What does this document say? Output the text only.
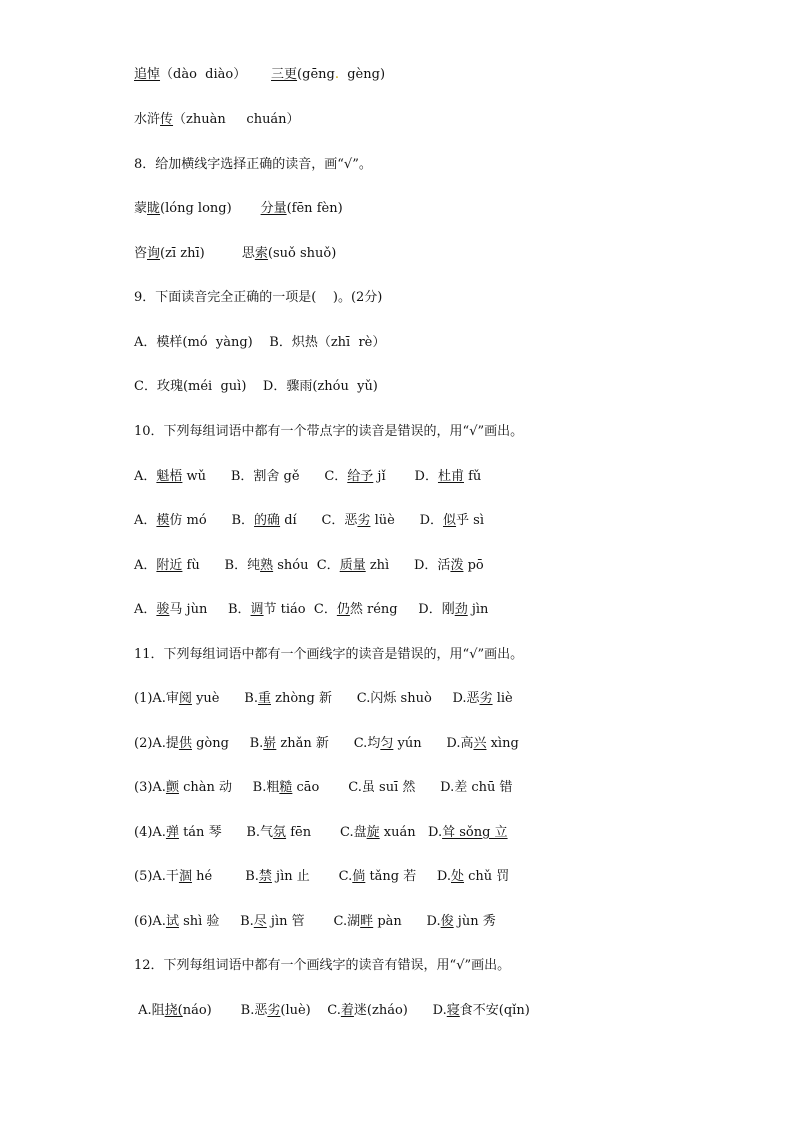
追悼（dào  diào）      三更(gēng.  gèng)
水浒传（zhuàn     chuán）
8．给加横线字选择正确的读音，画“√”。
蒙眬(lóng long)       分量(fēn fèn)
咨询(zī zhī)         思索(suǒ shuǒ)
9．下面读音完全正确的一项是(    )。(2分)
A．模样(mó  yàng)    B．炽热（zhī  rè）
C．玫瑰(méi  guì)    D．骤雨(zhóu  yǔ)
10．下列每组词语中都有一个带点字的读音是错误的，用“√”画出。
A．魁梧 wǔ      B．割舍 gě      C．给予 jǐ       D．杜甫 fǔ
A．模仿 mó      B．的确 dí      C．恶劣 lüè      D．似乎 sì
A．附近 fù      B．纯熟 shóu  C．质量 zhì      D．活泼 pō
A．骏马 jùn     B．调节 tiáo  C．仍然 réng     D．刚劲 jìn
11．下列每组词语中都有一个画线字的读音是错误的，用“√”画出。
(1)A.审阅 yuè      B.重 zhòng 新      C.闪烁 shuò     D.恶劣 liè
(2)A.提供 gòng     B.崭 zhǎn 新      C.均匀 yún      D.高兴 xìng
(3)A.颤 chàn 动     B.粗糙 cāo       C.虽 suī 然      D.差 chū 错
(4)A.弹 tán 琴      B.气氛 fēn       C.盘旋 xuán   D.耸 sǒng 立
(5)A.干涸 hé        B.禁 jìn 止       C.倘 tǎng 若     D.处 chǔ 罚
(6)A.试 shì 验     B.尽 jìn 管       C.湖畔 pàn      D.俊 jùn 秀
12．下列每组词语中都有一个画线字的读音有错误，用“√”画出。
A.阻挠(náo)       B.恶劣(luè)    C.着迷(zháo)      D.寝食不安(qǐn)
